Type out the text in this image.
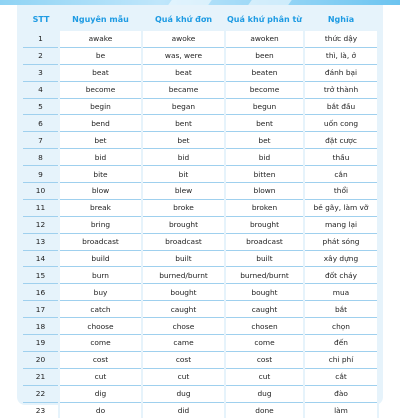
STT	Nguyên mẫu	Quá khứ đơn	Quá khứ phân từ	Nghĩa
1	awake	awoke	awoken	thức dậy
2	be	was, were	been	thì, là, ở
3	beat	beat	beaten	đánh bại
4	become	became	become	trở thành
5	begin	began	begun	bắt đầu
6	bend	bent	bent	uốn cong
7	bet	bet	bet	đặt cược
8	bid	bid	bid	thầu
9	bite	bit	bitten	cắn
10	blow	blew	blown	thổi
11	break	broke	broken	bẻ gãy, làm vỡ
12	bring	brought	brought	mang lại
13	broadcast	broadcast	broadcast	phát sóng
14	build	built	built	xây dựng
15	burn	burned/burnt	burned/burnt	đốt cháy
16	buy	bought	bought	mua
17	catch	caught	caught	bắt
18	choose	chose	chosen	chọn
19	come	came	come	đến
20	cost	cost	cost	chi phí
21	cut	cut	cut	cắt
22	dig	dug	dug	đào
23	do	did	done	làm
